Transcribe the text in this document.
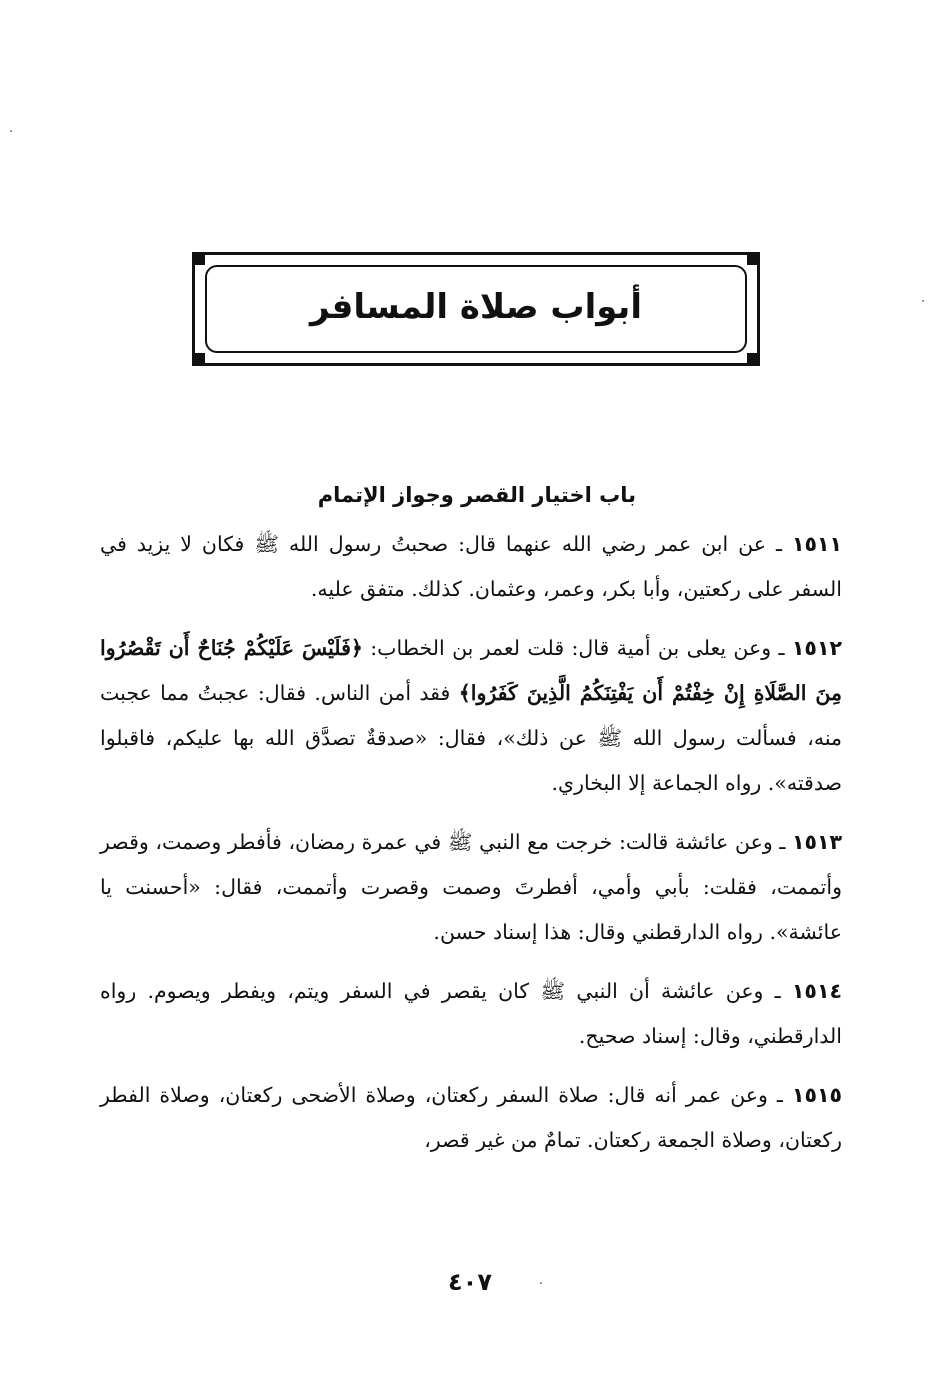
أبواب صلاة المسافر
باب اختيار القصر وجواز الإتمام

١٥١١ ـ عن ابن عمر رضي الله عنهما قال: صحبتُ رسول الله ﷺ فكان لا يزيد في السفر على ركعتين، وأبا بكر، وعمر، وعثمان. كذلك. متفق عليه.

١٥١٢ ـ وعن يعلى بن أمية قال: قلت لعمر بن الخطاب: ﴿فَلَيْسَ عَلَيْكُمْ جُنَاحٌ أَن تَقْصُرُوا مِنَ الصَّلَاةِ إِنْ خِفْتُمْ أَن يَفْتِنَكُمُ الَّذِينَ كَفَرُوا﴾ فقد أمن الناس. فقال: عجبتُ مما عجبت منه، فسألت رسول الله ﷺ عن ذلك»، فقال: «صدقةٌ تصدَّق الله بها عليكم، فاقبلوا صدقته». رواه الجماعة إلا البخاري.

١٥١٣ ـ وعن عائشة قالت: خرجت مع النبي ﷺ في عمرة رمضان، فأفطر وصمت، وقصر وأتممت، فقلت: بأبي وأمي، أفطرتَ وصمت وقصرت وأتممت، فقال: «أحسنت يا عائشة». رواه الدارقطني وقال: هذا إسناد حسن.

١٥١٤ ـ وعن عائشة أن النبي ﷺ كان يقصر في السفر ويتم، ويفطر ويصوم. رواه الدارقطني، وقال: إسناد صحيح.

١٥١٥ ـ وعن عمر أنه قال: صلاة السفر ركعتان، وصلاة الأضحى ركعتان، وصلاة الفطر ركعتان، وصلاة الجمعة ركعتان. تمامٌ من غير قصر،

٤٠٧
